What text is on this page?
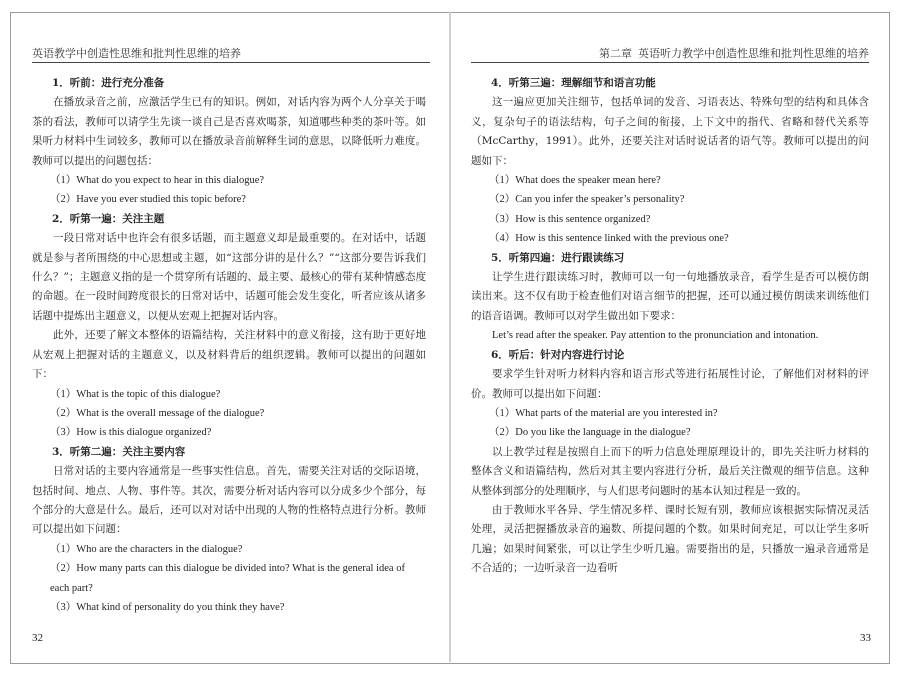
英语教学中创造性思维和批判性思维的培养

1．听前：进行充分准备

在播放录音之前，应激活学生已有的知识。例如，对话内容为两个人分享关于喝茶的看法，教师可以请学生先谈一谈自己是否喜欢喝茶，知道哪些种类的茶叶等。如果听力材料中生词较多，教师可以在播放录音前解释生词的意思，以降低听力难度。教师可以提出的问题包括：

（1）What do you expect to hear in this dialogue?

（2）Have you ever studied this topic before?

2．听第一遍：关注主题

一段日常对话中也许会有很多话题，而主题意义却是最重要的。在对话中，话题就是参与者所围绕的中心思想或主题，如“这部分讲的是什么？”“这部分要告诉我们什么？”；主题意义指的是一个贯穿所有话题的、最主要、最核心的带有某种情感态度的命题。在一段时间跨度很长的日常对话中，话题可能会发生变化，听者应该从诸多话题中提炼出主题意义，以便从宏观上把握对话内容。

此外，还要了解文本整体的语篇结构，关注材料中的意义衔接，这有助于更好地从宏观上把握对话的主题意义，以及材料背后的组织逻辑。教师可以提出的问题如下：

（1）What is the topic of this dialogue?

（2）What is the overall message of the dialogue?

（3）How is this dialogue organized?

3．听第二遍：关注主要内容

日常对话的主要内容通常是一些事实性信息。首先，需要关注对话的交际语境，包括时间、地点、人物、事件等。其次，需要分析对话内容可以分成多少个部分，每个部分的大意是什么。最后，还可以对对话中出现的人物的性格特点进行分析。教师可以提出如下问题：

（1）Who are the characters in the dialogue?

（2）How many parts can this dialogue be divided into? What is the general idea of each part?

（3）What kind of personality do you think they have?

32
第二章 英语听力教学中创造性思维和批判性思维的培养

4．听第三遍：理解细节和语言功能

这一遍应更加关注细节，包括单词的发音、习语表达、特殊句型的结构和具体含义，复杂句子的语法结构，句子之间的衔接，上下文中的指代、省略和替代关系等（McCarthy，1991）。此外，还要关注对话时说话者的语气等。教师可以提出的问题如下：

（1）What does the speaker mean here?

（2）Can you infer the speaker’s personality?

（3）How is this sentence organized?

（4）How is this sentence linked with the previous one?

5．听第四遍：进行跟读练习

让学生进行跟读练习时，教师可以一句一句地播放录音，看学生是否可以模仿朗读出来。这不仅有助于检查他们对语言细节的把握，还可以通过模仿朗读来训练他们的语音语调。教师可以对学生做出如下要求：

Let’s read after the speaker. Pay attention to the pronunciation and intonation.

6．听后：针对内容进行讨论

要求学生针对听力材料内容和语言形式等进行拓展性讨论，了解他们对材料的评价。教师可以提出如下问题：

（1）What parts of the material are you interested in?

（2）Do you like the language in the dialogue?

以上教学过程是按照自上而下的听力信息处理原理设计的，即先关注听力材料的整体含义和语篇结构，然后对其主要内容进行分析，最后关注微观的细节信息。这种从整体到部分的处理顺序，与人们思考问题时的基本认知过程是一致的。

由于教师水平各异、学生情况多样、课时长短有别，教师应该根据实际情况灵活处理，灵活把握播放录音的遍数、所提问题的个数。如果时间充足，可以让学生多听几遍；如果时间紧张，可以让学生少听几遍。需要指出的是，只播放一遍录音通常是不合适的；一边听录音一边看听

33
